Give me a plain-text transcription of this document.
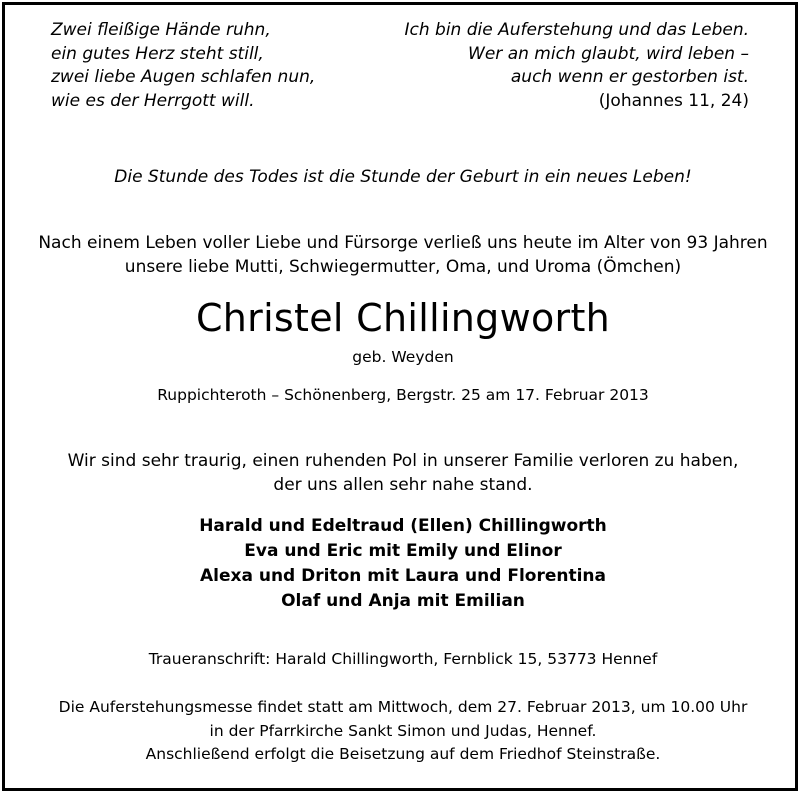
Zwei fleißige Hände ruhn,
ein gutes Herz steht still,
zwei liebe Augen schlafen nun,
wie es der Herrgott will.
Ich bin die Auferstehung und das Leben.
Wer an mich glaubt, wird leben –
auch wenn er gestorben ist.
(Johannes 11, 24)
Die Stunde des Todes ist die Stunde der Geburt in ein neues Leben!
Nach einem Leben voller Liebe und Fürsorge verließ uns heute im Alter von 93 Jahren
unsere liebe Mutti, Schwiegermutter, Oma, und Uroma (Ömchen)
Christel Chillingworth
geb. Weyden
Ruppichteroth – Schönenberg, Bergstr. 25 am 17. Februar 2013
Wir sind sehr traurig, einen ruhenden Pol in unserer Familie verloren zu haben,
der uns allen sehr nahe stand.
Harald und Edeltraud (Ellen) Chillingworth
Eva und Eric mit Emily und Elinor
Alexa und Driton mit Laura und Florentina
Olaf und Anja mit Emilian
Traueranschrift: Harald Chillingworth, Fernblick 15, 53773 Hennef
Die Auferstehungsmesse findet statt am Mittwoch, dem 27. Februar 2013, um 10.00 Uhr
in der Pfarrkirche Sankt Simon und Judas, Hennef.
Anschließend erfolgt die Beisetzung auf dem Friedhof Steinstraße.
